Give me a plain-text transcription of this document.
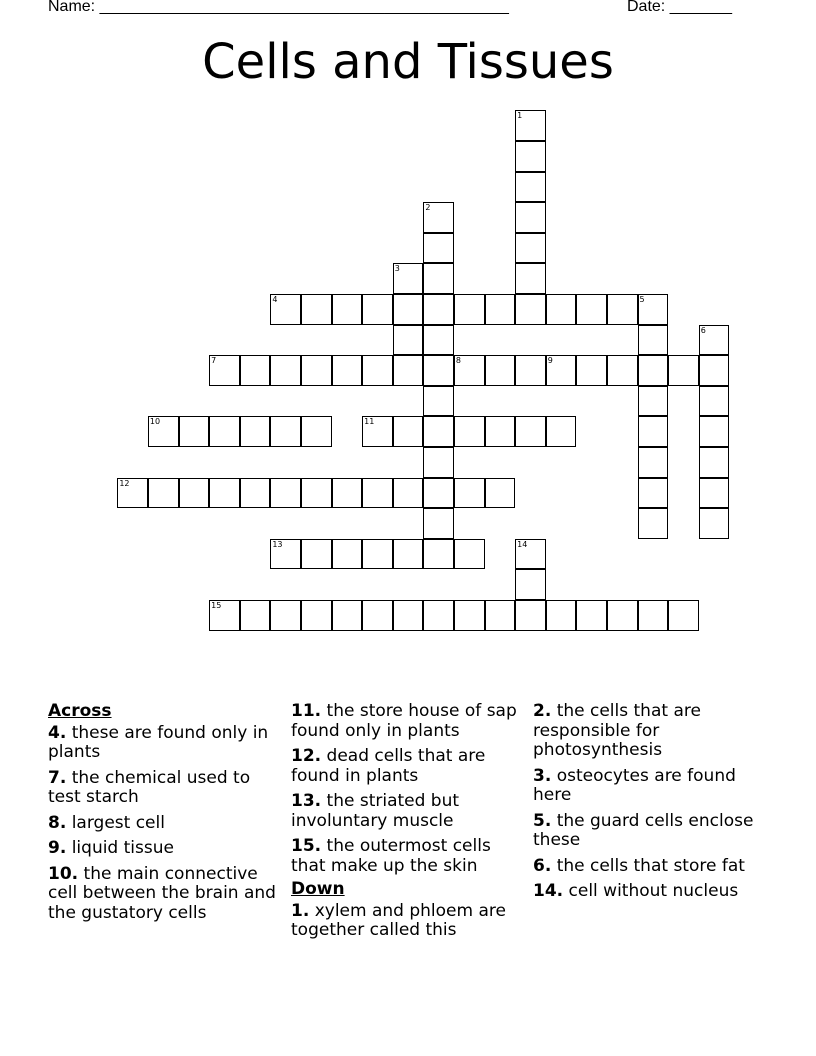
Name: ______________________________________________	Date: _______
Cells and Tissues
1
2
3
4	5
6
7	8	9
10	11
12
13	14
15
Across
4. these are found only in plants
7. the chemical used to test starch
8. largest cell
9. liquid tissue
10. the main connective cell between the brain and the gustatory cells
11. the store house of sap found only in plants
12. dead cells that are found in plants
13. the striated but involuntary muscle
15. the outermost cells that make up the skin
Down
1. xylem and phloem are together called this
2. the cells that are responsible for photosynthesis
3. osteocytes are found here
5. the guard cells enclose these
6. the cells that store fat
14. cell without nucleus
